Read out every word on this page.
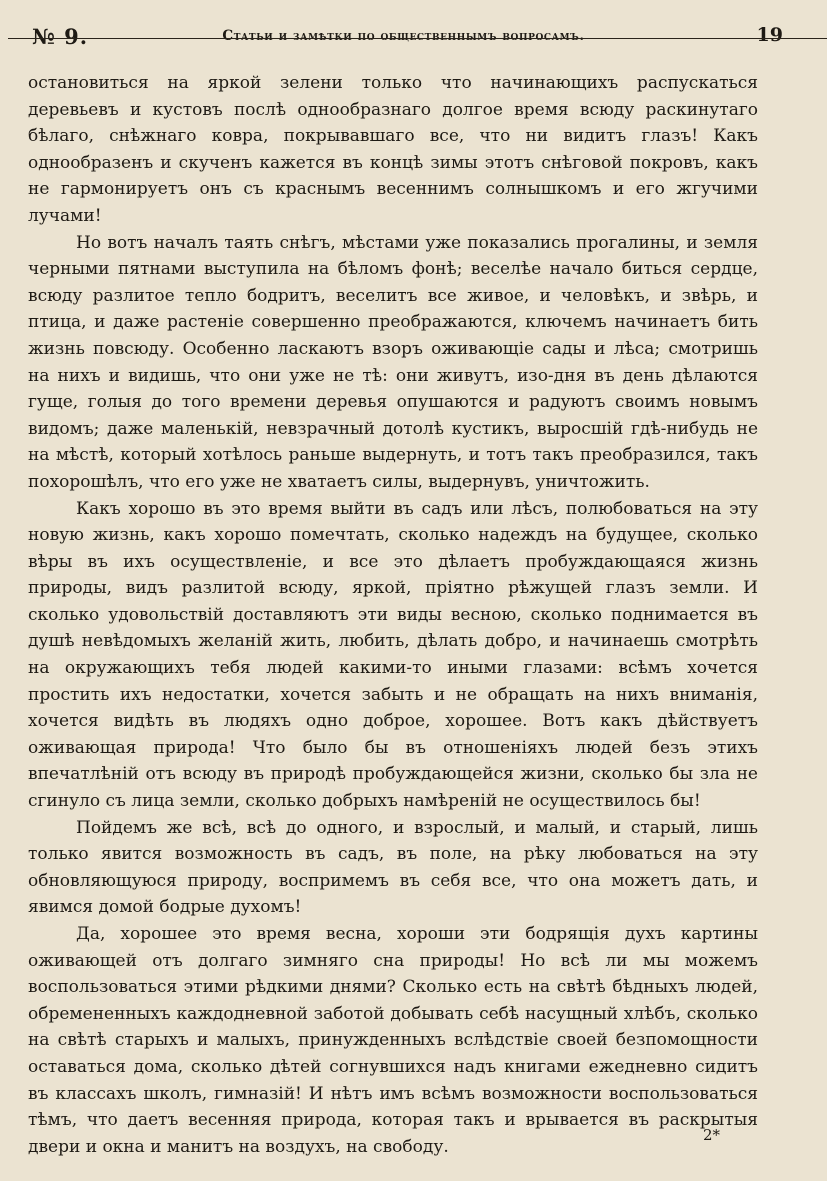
№ 9.	Статьи и замѣтки по общественнымъ вопросамъ.	19

остановиться на яркой зелени только что начинающихъ распускаться деревьевъ и кустовъ послѣ однообразнаго долгое время всюду раскинутаго бѣлаго, снѣжнаго ковра, покрывавшаго все, что ни видитъ глазъ! Какъ однообразенъ и скученъ кажется въ концѣ зимы этотъ снѣговой покровъ, какъ не гармонируетъ онъ съ краснымъ весеннимъ солнышкомъ и его жгучими лучами!

Но вотъ началъ таять снѣгъ, мѣстами уже показались прогалины, и земля черными пятнами выступила на бѣломъ фонѣ; веселѣе начало биться сердце, всюду разлитое тепло бодритъ, веселитъ все живое, и человѣкъ, и звѣрь, и птица, и даже растенiе совершенно преображаются, ключемъ начинаетъ бить жизнь повсюду. Особенно ласкаютъ взоръ оживающiе сады и лѣса; смотришь на нихъ и видишь, что они уже не тѣ: они живутъ, изо-дня въ день дѣлаются гуще, голыя до того времени деревья опушаются и радуютъ своимъ новымъ видомъ; даже маленькiй, невзрачный дотолѣ кустикъ, выросшiй гдѣ-нибудь не на мѣстѣ, который хотѣлось раньше выдернуть, и тотъ такъ преобразился, такъ похорошѣлъ, что его уже не хватаетъ силы, выдернувъ, уничтожить.

Какъ хорошо въ это время выйти въ садъ или лѣсъ, полюбоваться на эту новую жизнь, какъ хорошо помечтать, сколько надеждъ на будущее, сколько вѣры въ ихъ осуществленiе, и все это дѣлаетъ пробуждающаяся жизнь природы, видъ разлитой всюду, яркой, прiятно рѣжущей глазъ земли. И сколько удовольствiй доставляютъ эти виды весною, сколько поднимается въ душѣ невѣдомыхъ желанiй жить, любить, дѣлать добро, и начинаешь смотрѣть на окружающихъ тебя людей какими-то иными глазами: всѣмъ хочется простить ихъ недостатки, хочется забыть и не обращать на нихъ вниманiя, хочется видѣть въ людяхъ одно доброе, хорошее. Вотъ какъ дѣйствуетъ оживающая природа! Что было бы въ отношенiяхъ людей безъ этихъ впечатлѣнiй отъ всюду въ природѣ пробуждающейся жизни, сколько бы зла не сгинуло съ лица земли, сколько добрыхъ намѣренiй не осуществилось бы!

Пойдемъ же всѣ, всѣ до одного, и взрослый, и малый, и старый, лишь только явится возможность въ садъ, въ поле, на рѣку любоваться на эту обновляющуюся природу, воспримемъ въ себя все, что она можетъ дать, и явимся домой бодрые духомъ!

Да, хорошее это время весна, хороши эти бодрящiя духъ картины оживающей отъ долгаго зимняго сна природы! Но всѣ ли мы можемъ воспользоваться этими рѣдкими днями? Сколько есть на свѣтѣ бѣдныхъ людей, обремененныхъ каждодневной заботой добывать себѣ насущный хлѣбъ, сколько на свѣтѣ старыхъ и малыхъ, принужденныхъ вслѣдствiе своей безпомощности оставаться дома, сколько дѣтей согнувшихся надъ книгами ежедневно сидитъ въ классахъ школъ, гимназiй! И нѣтъ имъ всѣмъ возможности воспользоваться тѣмъ, что даетъ весенняя природа, которая такъ и врывается въ раскрытыя двери и окна и манитъ на воздухъ, на свободу.

2*
